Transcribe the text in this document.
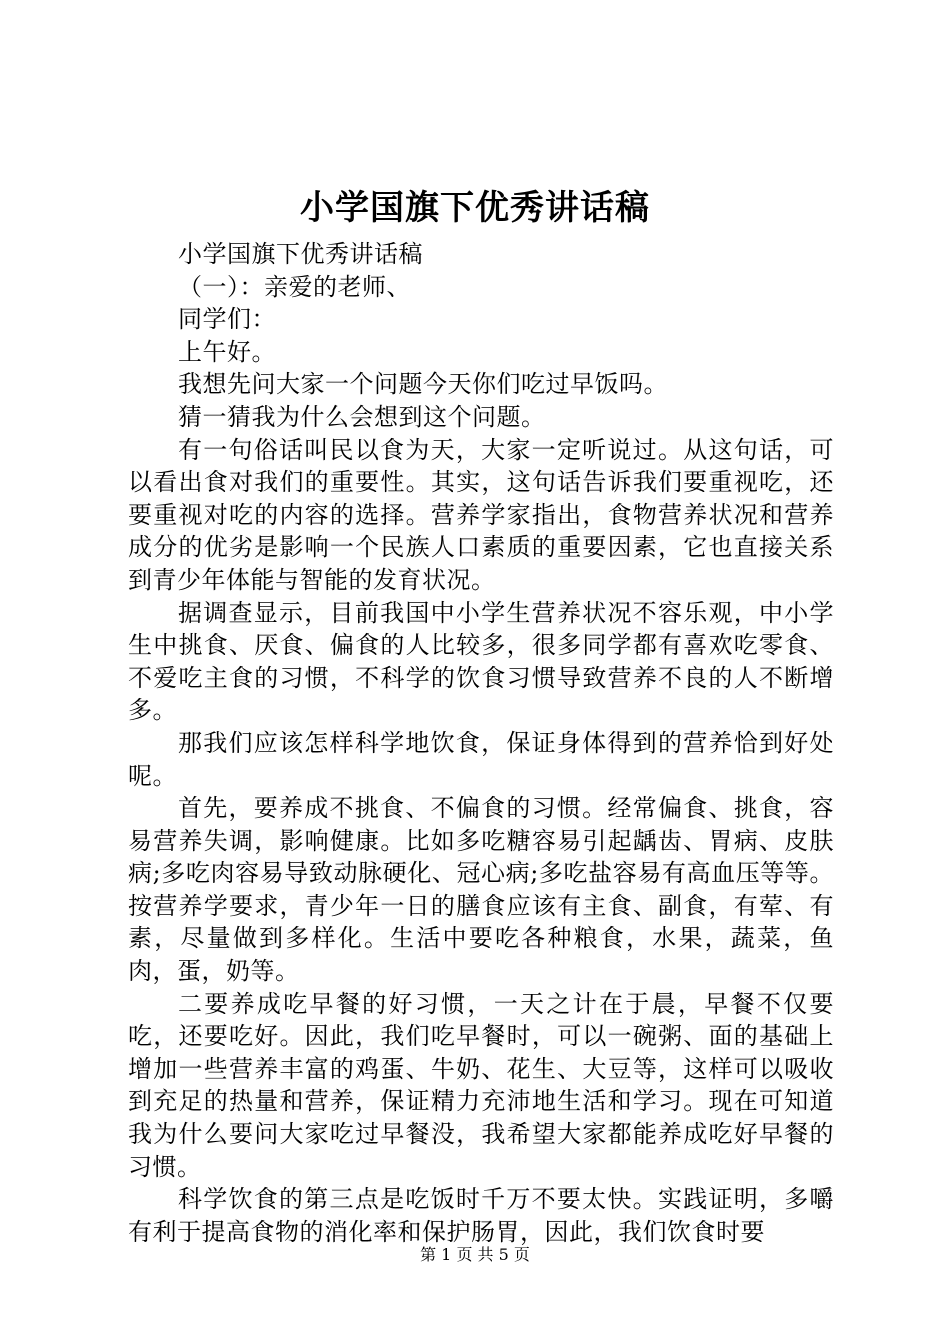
小学国旗下优秀讲话稿

小学国旗下优秀讲话稿

（一）：亲爱的老师、

同学们：

上午好。

我想先问大家一个问题今天你们吃过早饭吗。

猜一猜我为什么会想到这个问题。

有一句俗话叫民以食为天，大家一定听说过。从这句话，可以看出食对我们的重要性。其实，这句话告诉我们要重视吃，还要重视对吃的内容的选择。营养学家指出，食物营养状况和营养成分的优劣是影响一个民族人口素质的重要因素，它也直接关系到青少年体能与智能的发育状况。

据调查显示，目前我国中小学生营养状况不容乐观，中小学生中挑食、厌食、偏食的人比较多，很多同学都有喜欢吃零食、不爱吃主食的习惯，不科学的饮食习惯导致营养不良的人不断增多。

那我们应该怎样科学地饮食，保证身体得到的营养恰到好处呢。

首先，要养成不挑食、不偏食的习惯。经常偏食、挑食，容易营养失调，影响健康。比如多吃糖容易引起龋齿、胃病、皮肤病;多吃肉容易导致动脉硬化、冠心病;多吃盐容易有高血压等等。按营养学要求，青少年一日的膳食应该有主食、副食，有荤、有素，尽量做到多样化。生活中要吃各种粮食，水果，蔬菜，鱼肉，蛋，奶等。

二要养成吃早餐的好习惯，一天之计在于晨，早餐不仅要吃，还要吃好。因此，我们吃早餐时，可以一碗粥、面的基础上增加一些营养丰富的鸡蛋、牛奶、花生、大豆等，这样可以吸收到充足的热量和营养，保证精力充沛地生活和学习。现在可知道我为什么要问大家吃过早餐没，我希望大家都能养成吃好早餐的习惯。

科学饮食的第三点是吃饭时千万不要太快。实践证明，多嚼有利于提高食物的消化率和保护肠胃，因此，我们饮食时要

第 1 页 共 5 页
